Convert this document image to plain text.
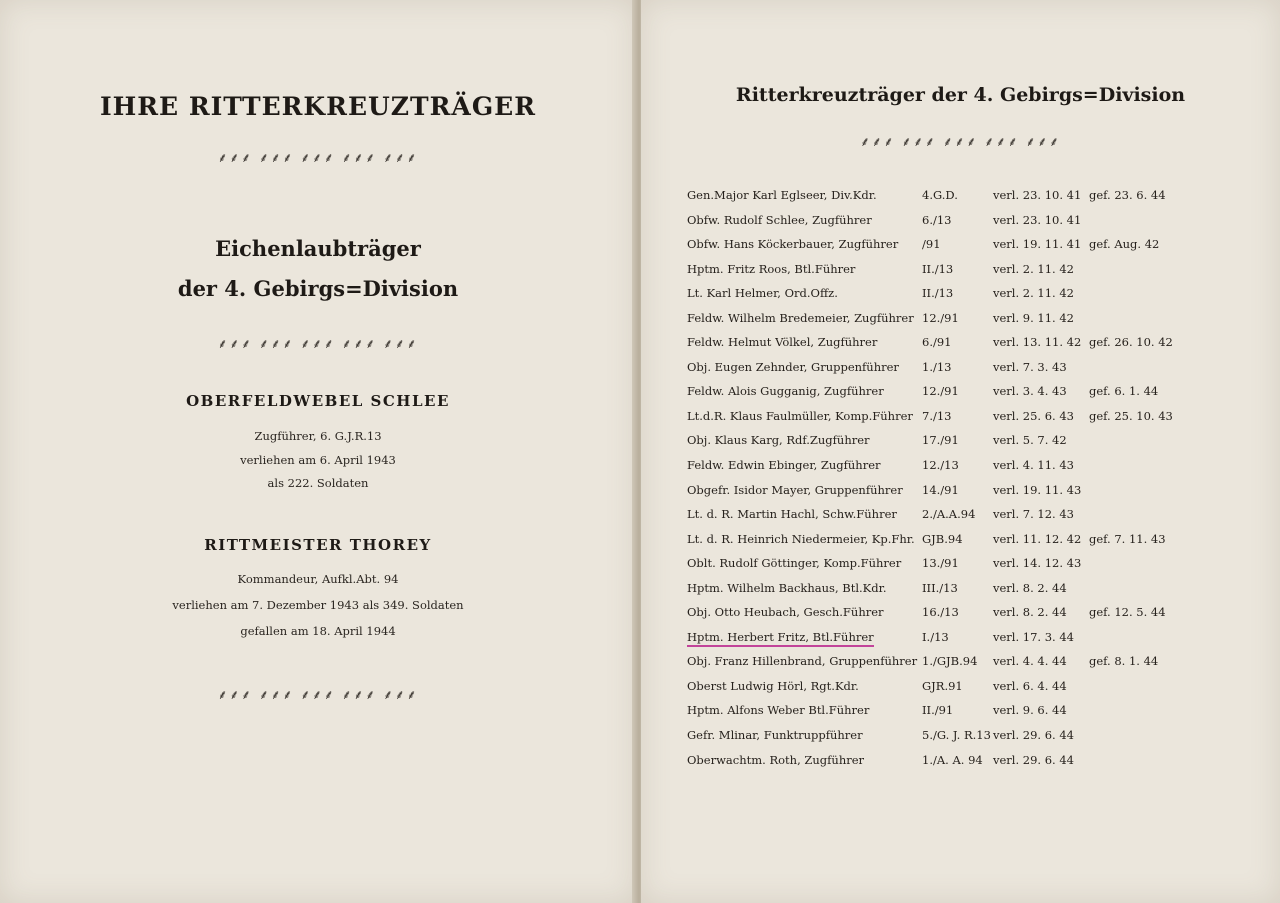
IHRE RITTERKREUZTRÄGER
⸙⸙⸙ ⸙⸙⸙ ⸙⸙⸙ ⸙⸙⸙ ⸙⸙⸙
Eichenlaubträger
der 4. Gebirgs=Division
⸙⸙⸙ ⸙⸙⸙ ⸙⸙⸙ ⸙⸙⸙ ⸙⸙⸙
OBERFELDWEBEL SCHLEE
Zugführer, 6. G.J.R.13
verliehen am 6. April 1943
als 222. Soldaten
RITTMEISTER THOREY
Kommandeur, Aufkl.Abt. 94
verliehen am 7. Dezember 1943 als 349. Soldaten
gefallen am 18. April 1944
⸙⸙⸙ ⸙⸙⸙ ⸙⸙⸙ ⸙⸙⸙ ⸙⸙⸙
Ritterkreuzträger der 4. Gebirgs=Division
⸙⸙⸙ ⸙⸙⸙ ⸙⸙⸙ ⸙⸙⸙ ⸙⸙⸙
Gen.Major Karl Eglseer, Div.Kdr.	4.G.D.	verl. 23. 10. 41 gef. 23. 6. 44
Obfw. Rudolf Schlee, Zugführer	6./13	verl. 23. 10. 41
Obfw. Hans Köckerbauer, Zugführer /91	verl. 19. 11. 41 gef. Aug. 42
Hptm. Fritz Roos, Btl.Führer	II./13	verl. 2. 11. 42
Lt. Karl Helmer, Ord.Offz.	II./13	verl. 2. 11. 42
Feldw. Wilhelm Bredemeier, Zugführer 12./91	verl. 9. 11. 42
Feldw. Helmut Völkel, Zugführer	6./91	verl. 13. 11. 42 gef. 26. 10. 42
Obj. Eugen Zehnder, Gruppenführer 1./13	verl. 7. 3. 43
Feldw. Alois Gugganig, Zugführer	12./91	verl. 3. 4. 43 gef. 6. 1. 44
Lt.d.R. Klaus Faulmüller, Komp.Führer 7./13	verl. 25. 6. 43 gef. 25. 10. 43
Obj. Klaus Karg, Rdf.Zugführer	17./91	verl. 5. 7. 42
Feldw. Edwin Ebinger, Zugführer	12./13	verl. 4. 11. 43
Obgefr. Isidor Mayer, Gruppenführer 14./91	verl. 19. 11. 43
Lt. d. R. Martin Hachl, Schw.Führer 2./A.A.94 verl. 7. 12. 43
Lt. d. R. Heinrich Niedermeier, Kp.Fhr. GJB.94	verl. 11. 12. 42 gef. 7. 11. 43
Oblt. Rudolf Göttinger, Komp.Führer 13./91	verl. 14. 12. 43
Hptm. Wilhelm Backhaus, Btl.Kdr.	III./13	verl. 8. 2. 44
Obj. Otto Heubach, Gesch.Führer	16./13	verl. 8. 2. 44 gef. 12. 5. 44
Hptm. Herbert Fritz, Btl.Führer	I./13	verl. 17. 3. 44
Obj. Franz Hillenbrand, Gruppenführer 1./GJB.94 verl. 4. 4. 44 gef. 8. 1. 44
Oberst Ludwig Hörl, Rgt.Kdr.	GJR.91	verl. 6. 4. 44
Hptm. Alfons Weber Btl.Führer	II./91	verl. 9. 6. 44
Gefr. Mlinar, Funktruppführer	5./G. J. R.13 verl. 29. 6. 44
Oberwachtm. Roth, Zugführer	1./A. A. 94 verl. 29. 6. 44
